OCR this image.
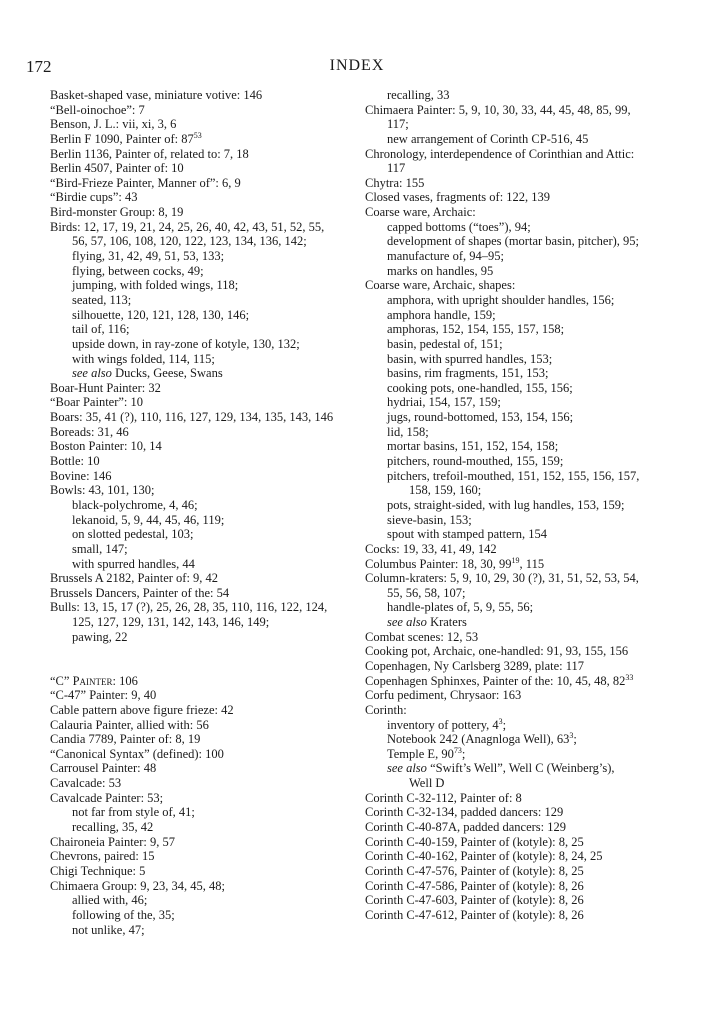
172	INDEX
Basket-shaped vase, miniature votive: 146
“Bell-oinochoe”: 7
Benson, J. L.: vii, xi, 3, 6
Berlin F 1090, Painter of: $87^{53}$
Berlin 1136, Painter of, related to: 7, 18
Berlin 4507, Painter of: 10
“Bird-Frieze Painter, Manner of”: 6, 9
“Birdie cups”: 43
Bird-monster Group: 8, 19
Birds: 12, 17, 19, 21, 24, 25, 26, 40, 42, 43, 51, 52, 55,
56, 57, 106, 108, 120, 122, 123, 134, 136, 142;
flying, 31, 42, 49, 51, 53, 133;
flying, between cocks, 49;
jumping, with folded wings, 118;
seated, 113;
silhouette, 120, 121, 128, 130, 146;
tail of, 116;
upside down, in ray-zone of kotyle, 130, 132;
with wings folded, 114, 115;
see also Ducks, Geese, Swans
Boar-Hunt Painter: 32
“Boar Painter”: 10
Boars: 35, 41 (?), 110, 116, 127, 129, 134, 135, 143, 146
Boreads: 31, 46
Boston Painter: 10, 14
Bottle: 10
Bovine: 146
Bowls: 43, 101, 130;
black-polychrome, 4, 46;
lekanoid, 5, 9, 44, 45, 46, 119;
on slotted pedestal, 103;
small, 147;
with spurred handles, 44
Brussels A 2182, Painter of: 9, 42
Brussels Dancers, Painter of the: 54
Bulls: 13, 15, 17 (?), 25, 26, 28, 35, 110, 116, 122, 124,
125, 127, 129, 131, 142, 143, 146, 149;
pawing, 22
“C” Painter: 106
“C-47” Painter: 9, 40
Cable pattern above figure frieze: 42
Calauria Painter, allied with: 56
Candia 7789, Painter of: 8, 19
“Canonical Syntax” (defined): 100
Carrousel Painter: 48
Cavalcade: 53
Cavalcade Painter: 53;
not far from style of, 41;
recalling, 35, 42
Chaironeia Painter: 9, 57
Chevrons, paired: 15
Chigi Technique: 5
Chimaera Group: 9, 23, 34, 45, 48;
allied with, 46;
following of the, 35;
not unlike, 47;
recalling, 33
Chimaera Painter: 5, 9, 10, 30, 33, 44, 45, 48, 85, 99,
117;
new arrangement of Corinth CP-516, 45
Chronology, interdependence of Corinthian and Attic:
117
Chytra: 155
Closed vases, fragments of: 122, 139
Coarse ware, Archaic:
capped bottoms (“toes”), 94;
development of shapes (mortar basin, pitcher), 95;
manufacture of, 94–95;
marks on handles, 95
Coarse ware, Archaic, shapes:
amphora, with upright shoulder handles, 156;
amphora handle, 159;
amphoras, 152, 154, 155, 157, 158;
basin, pedestal of, 151;
basin, with spurred handles, 153;
basins, rim fragments, 151, 153;
cooking pots, one-handled, 155, 156;
hydriai, 154, 157, 159;
jugs, round-bottomed, 153, 154, 156;
lid, 158;
mortar basins, 151, 152, 154, 158;
pitchers, round-mouthed, 155, 159;
pitchers, trefoil-mouthed, 151, 152, 155, 156, 157,
158, 159, 160;
pots, straight-sided, with lug handles, 153, 159;
sieve-basin, 153;
spout with stamped pattern, 154
Cocks: 19, 33, 41, 49, 142
Columbus Painter: 18, 30, $99^{19}$, 115
Column-kraters: 5, 9, 10, 29, 30 (?), 31, 51, 52, 53, 54,
55, 56, 58, 107;
handle-plates of, 5, 9, 55, 56;
see also Kraters
Combat scenes: 12, 53
Cooking pot, Archaic, one-handled: 91, 93, 155, 156
Copenhagen, Ny Carlsberg 3289, plate: 117
Copenhagen Sphinxes, Painter of the: 10, 45, 48, $82^{33}$
Corfu pediment, Chrysaor: 163
Corinth:
inventory of pottery, $4^3$;
Notebook 242 (Anagnloga Well), $63^3$;
Temple E, $90^{73}$;
see also “Swift’s Well”, Well C (Weinberg’s),
Well D
Corinth C-32-112, Painter of: 8
Corinth C-32-134, padded dancers: 129
Corinth C-40-87A, padded dancers: 129
Corinth C-40-159, Painter of (kotyle): 8, 25
Corinth C-40-162, Painter of (kotyle): 8, 24, 25
Corinth C-47-576, Painter of (kotyle): 8, 25
Corinth C-47-586, Painter of (kotyle): 8, 26
Corinth C-47-603, Painter of (kotyle): 8, 26
Corinth C-47-612, Painter of (kotyle): 8, 26
